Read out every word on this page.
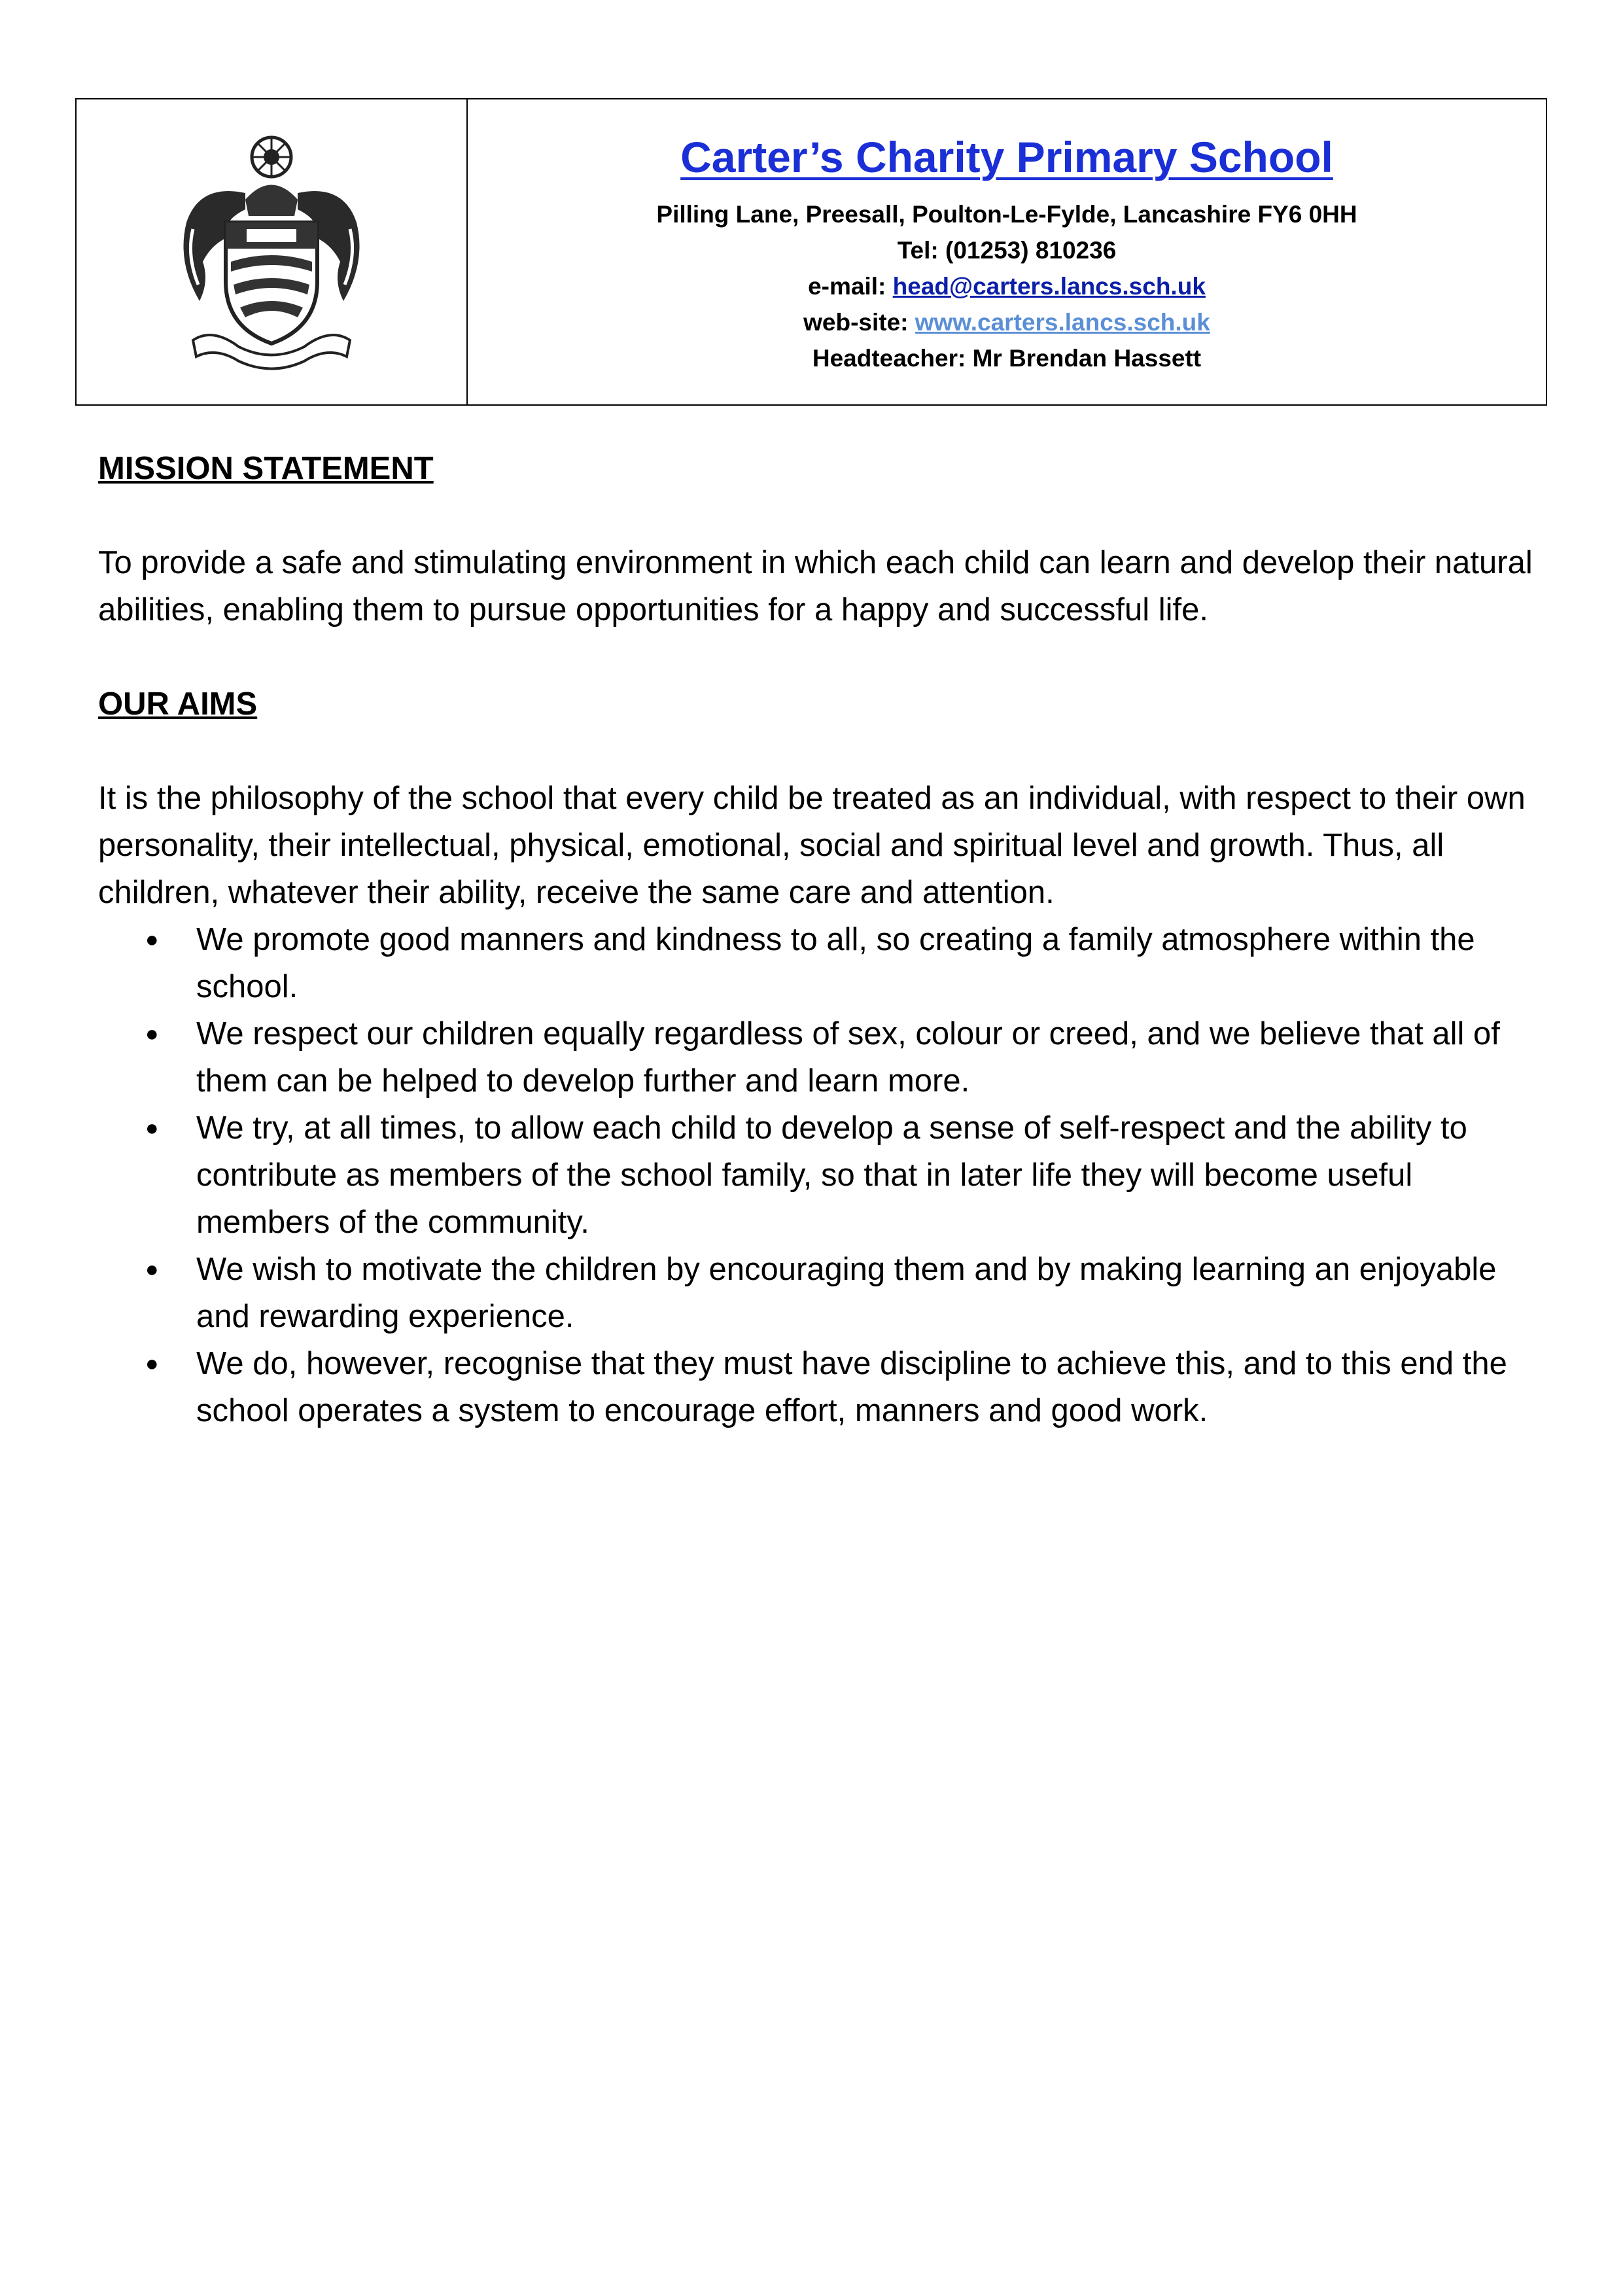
Carter’s Charity Primary School
Pilling Lane, Preesall, Poulton-Le-Fylde, Lancashire FY6 0HH
Tel: (01253) 810236
e-mail: head@carters.lancs.sch.uk
web-site: www.carters.lancs.sch.uk
Headteacher: Mr Brendan Hassett

MISSION STATEMENT

To provide a safe and stimulating environment in which each child can learn and develop their natural abilities, enabling them to pursue opportunities for a happy and successful life.

OUR AIMS

It is the philosophy of the school that every child be treated as an individual, with respect to their own personality, their intellectual, physical, emotional, social and spiritual level and growth. Thus, all children, whatever their ability, receive the same care and attention.

● We promote good manners and kindness to all, so creating a family atmosphere within the school.
● We respect our children equally regardless of sex, colour or creed, and we believe that all of them can be helped to develop further and learn more.
● We try, at all times, to allow each child to develop a sense of self-respect and the ability to contribute as members of the school family, so that in later life they will become useful members of the community.
● We wish to motivate the children by encouraging them and by making learning an enjoyable and rewarding experience.
● We do, however, recognise that they must have discipline to achieve this, and to this end the school operates a system to encourage effort, manners and good work.
